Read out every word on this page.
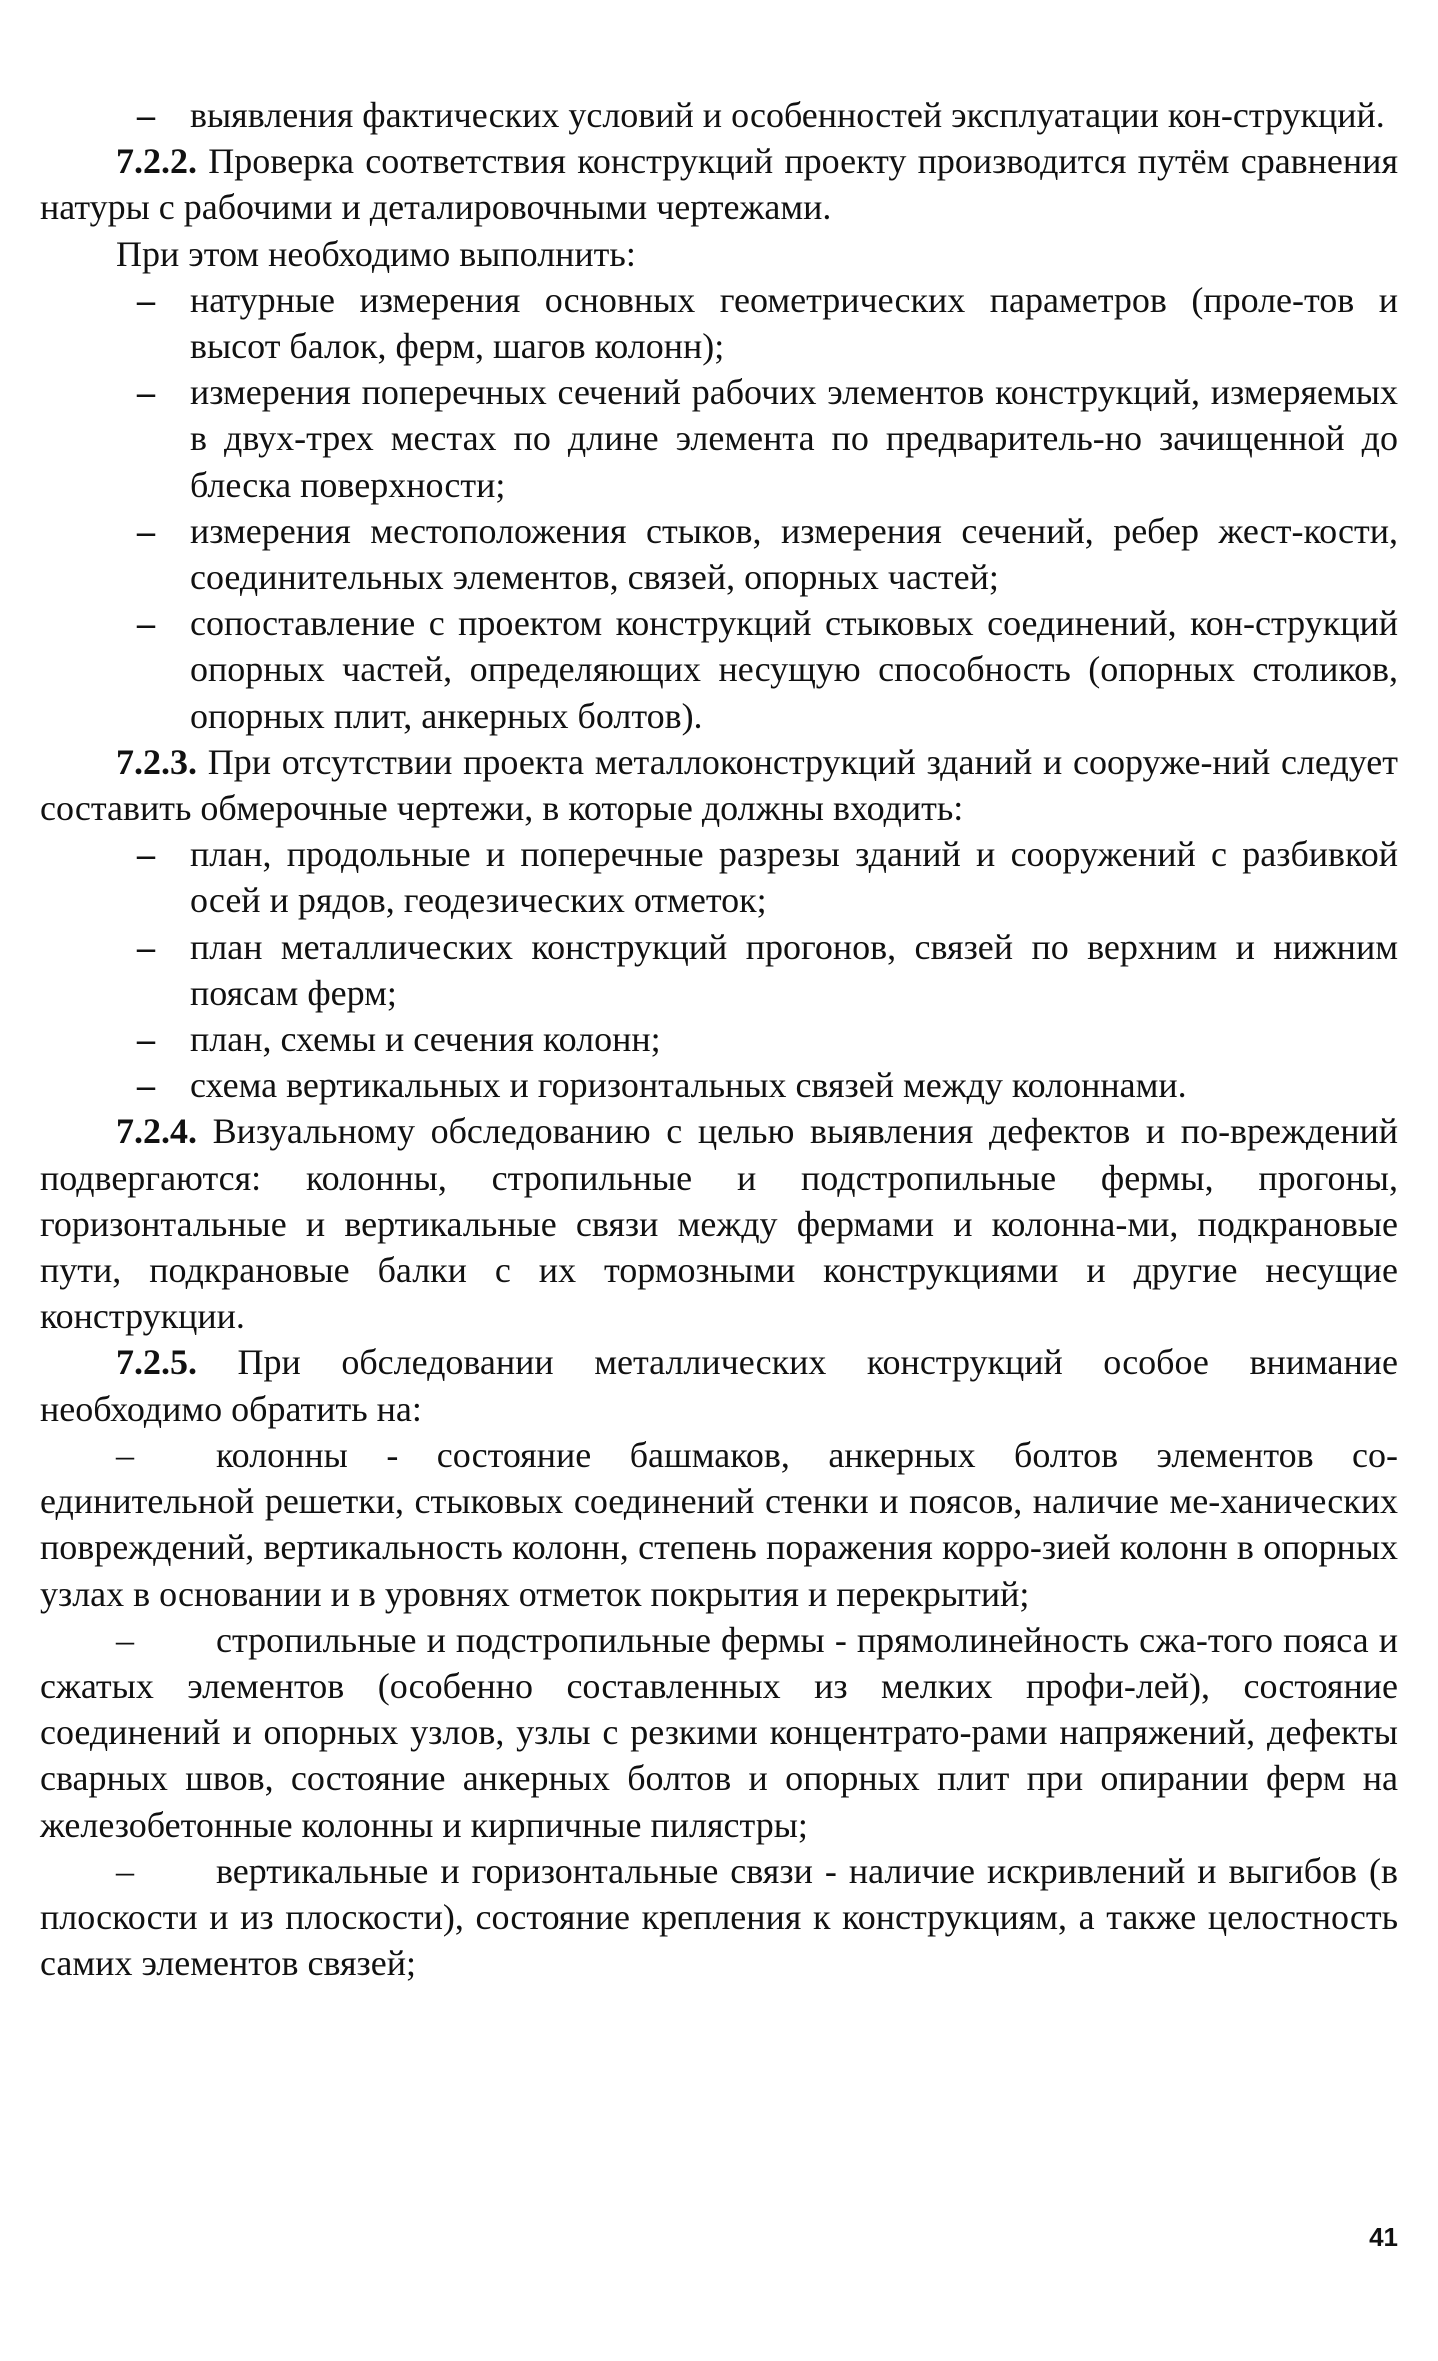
– выявления фактических условий и особенностей эксплуатации кон-струкций.

7.2.2. Проверка соответствия конструкций проекту производится путём сравнения натуры с рабочими и деталировочными чертежами.

При этом необходимо выполнить:

– натурные измерения основных геометрических параметров (проле-тов и высот балок, ферм, шагов колонн);

– измерения поперечных сечений рабочих элементов конструкций, измеряемых в двух-трех местах по длине элемента по предваритель-но зачищенной до блеска поверхности;

– измерения местоположения стыков, измерения сечений, ребер жест-кости, соединительных элементов, связей, опорных частей;

– сопоставление с проектом конструкций стыковых соединений, кон-струкций опорных частей, определяющих несущую способность (опорных столиков, опорных плит, анкерных болтов).

7.2.3. При отсутствии проекта металлоконструкций зданий и сооруже-ний следует составить обмерочные чертежи, в которые должны входить:

– план, продольные и поперечные разрезы зданий и сооружений с разбивкой осей и рядов, геодезических отметок;

– план металлических конструкций прогонов, связей по верхним и нижним поясам ферм;

– план, схемы и сечения колонн;

– схема вертикальных и горизонтальных связей между колоннами.

7.2.4. Визуальному обследованию с целью выявления дефектов и по-вреждений подвергаются: колонны, стропильные и подстропильные фермы, прогоны, горизонтальные и вертикальные связи между фермами и колонна-ми, подкрановые пути, подкрановые балки с их тормозными конструкциями и другие несущие конструкции.

7.2.5. При обследовании металлических конструкций особое внимание необходимо обратить на:

– колонны - состояние башмаков, анкерных болтов элементов со-единительной решетки, стыковых соединений стенки и поясов, наличие ме-ханических повреждений, вертикальность колонн, степень поражения корро-зией колонн в опорных узлах в основании и в уровнях отметок покрытия и перекрытий;

– стропильные и подстропильные фермы - прямолинейность сжа-того пояса и сжатых элементов (особенно составленных из мелких профи-лей), состояние соединений и опорных узлов, узлы с резкими концентрато-рами напряжений, дефекты сварных швов, состояние анкерных болтов и опорных плит при опирании ферм на железобетонные колонны и кирпичные пилястры;

– вертикальные и горизонтальные связи - наличие искривлений и выгибов (в плоскости и из плоскости), состояние крепления к конструкциям, а также целостность самих элементов связей;

41
